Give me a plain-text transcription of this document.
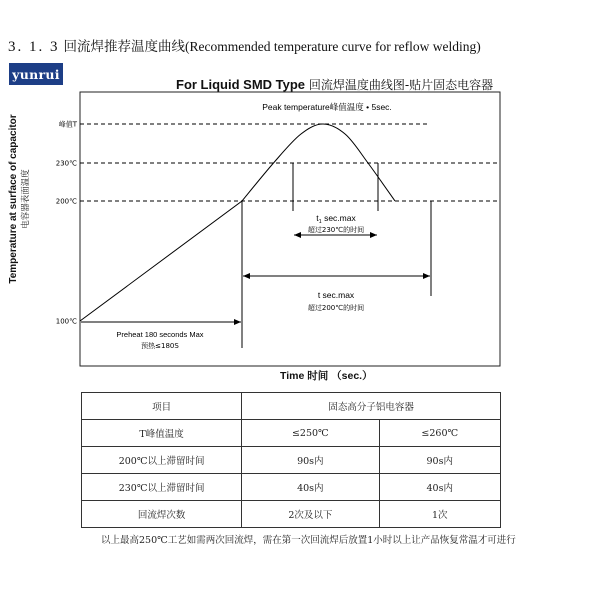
3. 1. 3 回流焊推荐温度曲线(Recommended temperature curve for reflow welding)
yunrui
For Liquid SMD Type 回流焊温度曲线图-贴片固态电容器
Temperature at surface of capacitor 电容器表面温度
峰值T
230℃
200℃
100℃
Peak temperature峰值温度 • 5sec.
$t_1$ sec.max
超过230℃的时间
t sec.max
超过200℃的时间
Preheat 180 seconds Max
预热≤180S
Time 时间 （sec.）
项目	固态高分子铝电容器	
T峰值温度	≤250℃	≤260℃
200℃以上滞留时间	90s内	90s内
230℃以上滞留时间	40s内	40s内
回流焊次数	2次及以下	1次
以上最高250℃工艺如需两次回流焊，需在第一次回流焊后放置1小时以上让产品恢复常温才可进行
